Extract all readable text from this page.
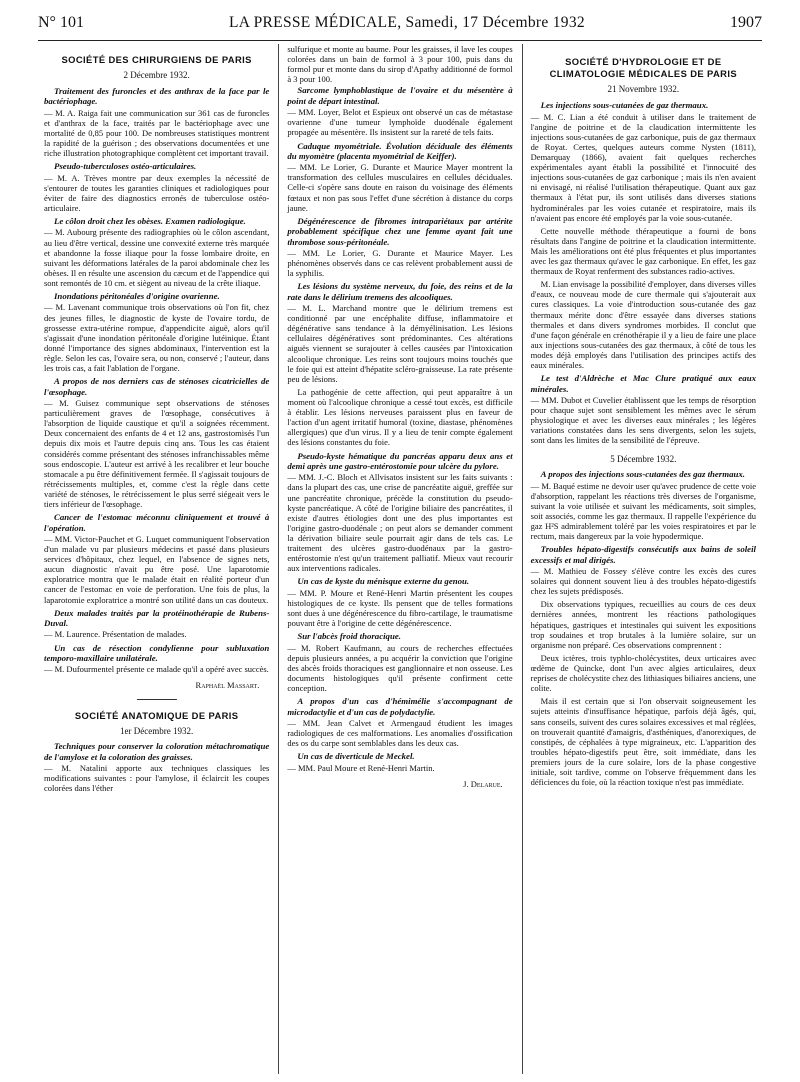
N° 101	LA PRESSE MÉDICALE, Samedi, 17 Décembre 1932	1907
SOCIÉTÉ DES CHIRURGIENS DE PARIS
2 Décembre 1932.

Traitement des furoncles et des anthrax de la face par le bactériophage.

— M. A. Raiga fait une communication sur 361 cas de furoncles et d'anthrax de la face, traités par le bactériophage avec une mortalité de 0,85 pour 100. De nombreuses statistiques montrent la rapidité de la guérison ; des observations documentées et une riche illustration photographique complètent cet important travail.

Pseudo-tuberculoses ostéo-articulaires.

— M. A. Trèves montre par deux exemples la nécessité de s'entourer de toutes les garanties cliniques et radiologiques pour éviter de faire des diagnostics erronés de tuberculose ostéo-articulaire.

Le côlon droit chez les obèses. Examen radiologique.

— M. Aubourg présente des radiographies où le côlon ascendant, au lieu d'être vertical, dessine une convexité externe très marquée et abandonne la fosse iliaque pour la fosse lombaire droite, en suivant les déformations latérales de la paroi abdominale chez les obèses. Il en résulte une ascension du cæcum et de l'appendice qui sont remontés de 10 cm. et siègent au niveau de la crête iliaque.

Inondations péritonéales d'origine ovarienne.

— M. Lavenant communique trois observations où l'on fit, chez des jeunes filles, le diagnostic de kyste de l'ovaire tordu, de grossesse extra-utérine rompue, d'appendicite aiguë, alors qu'il s'agissait d'une inondation péritonéale d'origine lutéinique. Étant donné l'importance des signes abdominaux, l'intervention est la règle. Selon les cas, l'ovaire sera, ou non, conservé ; l'auteur, dans les trois cas, a fait l'ablation de l'organe.

A propos de nos derniers cas de sténoses cicatricielles de l'œsophage.

— M. Guisez communique sept observations de sténoses particulièrement graves de l'œsophage, consécutives à l'absorption de liquide caustique et qu'il a soignées récemment. Deux concernaient des enfants de 4 et 12 ans, gastrostomisés l'un depuis dix mois et l'autre depuis cinq ans. Tous les cas étaient considérés comme présentant des sténoses infranchissables même sous endoscopie. L'auteur est arrivé à les recalibrer et leur bouche stomacale a pu être définitivement fermée. Il s'agissait toujours de rétrécissements multiples, et, comme c'est la règle dans cette variété de sténoses, le rétrécissement le plus serré siégeait vers le tiers inférieur de l'œsophage.

Cancer de l'estomac méconnu cliniquement et trouvé à l'opération.

— MM. Victor-Pauchet et G. Luquet communiquent l'observation d'un malade vu par plusieurs médecins et passé dans plusieurs services d'hôpitaux, chez lequel, en l'absence de signes nets, aucun diagnostic n'avait pu être posé. Une laparotomie exploratrice montra que le malade était en réalité porteur d'un cancer de l'estomac en voie de perforation. Une fois de plus, la laparotomie exploratrice a montré son utilité dans un cas douteux.

Deux malades traités par la protéinothérapie de Rubens-Duval.

— M. Laurence. Présentation de malades.

Un cas de résection condylienne pour subluxation temporo-maxillaire unilatérale.

— M. Dufourmentel présente ce malade qu'il a opéré avec succès.

Raphaël Massart.
SOCIÉTÉ ANATOMIQUE DE PARIS
1er Décembre 1932.

Techniques pour conserver la coloration métachromatique de l'amylose et la coloration des graisses.

— M. Natalini apporte aux techniques classiques les modifications suivantes : pour l'amylose, il éclaircit les coupes colorées dans l'éther

sulfurique et monte au baume. Pour les graisses, il lave les coupes colorées dans un bain de formol à 3 pour 100, puis dans du formol pur et monte dans du sirop d'Apathy additionné de formol à 3 pour 100.

Sarcome lymphoblastique de l'ovaire et du mésentère à point de départ intestinal.

— MM. Loyer, Belot et Espieux ont observé un cas de métastase ovarienne d'une tumeur lymphoïde duodénale également propagée au mésentère. Ils insistent sur la rareté de tels faits.

Caduque myométriale. Évolution déciduale des éléments du myomètre (placenta myométrial de Keiffer).

— MM. Le Lorier, G. Durante et Maurice Mayer montrent la transformation des cellules musculaires en cellules déciduales. Celle-ci s'opère sans doute en raison du voisinage des éléments fœtaux et non pas sous l'effet d'une sécrétion à distance du corps jaune.

Dégénérescence de fibromes intrapariétaux par artérite probablement spécifique chez une femme ayant fait une thrombose sous-péritonéale.

— MM. Le Lorier, G. Durante et Maurice Mayer. Les phénomènes observés dans ce cas relèvent probablement aussi de la syphilis.

Les lésions du système nerveux, du foie, des reins et de la rate dans le délirium tremens des alcooliques.

— M. L. Marchand montre que le délirium tremens est conditionné par une encéphalite diffuse, inflammatoire et dégénérative sans tendance à la démyélinisation. Les lésions cellulaires dégénératives sont prédominantes. Ces altérations aiguës viennent se surajouter à celles causées par l'intoxication alcoolique chronique. Les reins sont toujours moins touchés que le foie qui est atteint d'hépatite scléro-graisseuse. La rate présente peu de lésions.

La pathogénie de cette affection, qui peut apparaître à un moment où l'alcoolique chronique a cessé tout excès, est difficile à établir. Les lésions nerveuses paraissent plus en faveur de l'action d'un agent irritatif humoral (toxine, diastase, phénomènes allergiques) que d'un virus. Il y a lieu de tenir compte également des lésions constantes du foie.

Pseudo-kyste hématique du pancréas apparu deux ans et demi après une gastro-entérostomie pour ulcère du pylore.

— MM. J.-C. Bloch et Allvisatos insistent sur les faits suivants : dans la plupart des cas, une crise de pancréatite aiguë, greffée sur une pancréatite chronique, précède la constitution du pseudo-kyste pancréatique. A côté de l'origine biliaire des pancréatites, il existe d'autres étiologies dont une des plus importantes est l'origine gastro-duodénale ; on peut alors se demander comment la dérivation biliaire seule pourrait agir dans de tels cas. Le traitement des ulcères gastro-duodénaux par la gastro-entérostomie n'est qu'un traitement palliatif. Mieux vaut recourir aux interventions radicales.

Un cas de kyste du ménisque externe du genou.

— MM. P. Moure et René-Henri Martin présentent les coupes histologiques de ce kyste. Ils pensent que de telles formations sont dues à une dégénérescence du fibro-cartilage, le traumatisme pouvant être à l'origine de cette dégénérescence.

Sur l'abcès froid thoracique.

— M. Robert Kaufmann, au cours de recherches effectuées depuis plusieurs années, a pu acquérir la conviction que l'origine des abcès froids thoraciques est ganglionnaire et non osseuse. Les documents histologiques qu'il présente confirment cette conception.

A propos d'un cas d'hémimélie s'accompagnant de microdactylie et d'un cas de polydactylie.

— MM. Jean Calvet et Armengaud étudient les images radiologiques de ces malformations. Les anomalies d'ossification des os du carpe sont semblables dans les deux cas.

Un cas de diverticule de Meckel.

— MM. Paul Moure et René-Henri Martin.

J. Delarue.
SOCIÉTÉ D'HYDROLOGIE ET DE CLIMATOLOGIE MÉDICALES DE PARIS
21 Novembre 1932.

Les injections sous-cutanées de gaz thermaux.

— M. C. Lian a été conduit à utiliser dans le traitement de l'angine de poitrine et de la claudication intermittente les injections sous-cutanées de gaz carbonique, puis de gaz thermaux de Royat. Certes, quelques auteurs comme Nysten (1811), Demarquay (1866), avaient fait quelques recherches expérimentales ayant établi la possibilité et l'innocuité des injections sous-cutanées de gaz carbonique ; mais ils n'en avaient ni envisagé, ni réalisé l'utilisation thérapeutique. Quant aux gaz thermaux à l'état pur, ils sont utilisés dans diverses stations hydrominérales par les voies cutanée et respiratoire, mais ils n'avaient pas encore été employés par la voie sous-cutanée.

Cette nouvelle méthode thérapeutique a fourni de bons résultats dans l'angine de poitrine et la claudication intermittente. Mais les améliorations ont été plus fréquentes et plus importantes avec les gaz thermaux qu'avec le gaz carbonique. En effet, les gaz thermaux de Royat renferment des substances radio-actives.

M. Lian envisage la possibilité d'employer, dans diverses villes d'eaux, ce nouveau mode de cure thermale qui s'ajouterait aux cures classiques. La voie d'introduction sous-cutanée des gaz thermaux mérite donc d'être essayée dans diverses stations thermales et dans divers syndromes morbides. Il conclut que d'une façon générale en crénothérapie il y a lieu de faire une place aux injections sous-cutanées des gaz thermaux, à côté de tous les modes déjà employés dans l'utilisation des principes actifs des eaux minérales.

Le test d'Aldrèche et Mac Clure pratiqué aux eaux minérales.

— MM. Dubot et Cuvelier établissent que les temps de résorption pour chaque sujet sont sensiblement les mêmes avec le sérum physiologique et avec les diverses eaux minérales ; les légères variations constatées dans les sens divergents, selon les sujets, sont dans les limites de la sensibilité de l'épreuve.

5 Décembre 1932.

A propos des injections sous-cutanées des gaz thermaux.

— M. Baqué estime ne devoir user qu'avec prudence de cette voie d'absorption, rappelant les réactions très diverses de l'organisme, suivant la voie utilisée et suivant les médicaments, soit simples, soit associés, comme les gaz thermaux. Il rappelle l'expérience du gaz H²S admirablement toléré par les voies respiratoires et par le rectum, mais dangereux par la voie hypodermique.

Troubles hépato-digestifs consécutifs aux bains de soleil excessifs et mal dirigés.

— M. Mathieu de Fossey s'élève contre les excès des cures solaires qui donnent souvent lieu à des troubles hépato-digestifs chez les sujets prédisposés.

Dix observations typiques, recueillies au cours de ces deux dernières années, montrent les réactions pathologiques hépatiques, gastriques et intestinales qui suivent les expositions trop soudaines et trop brutales à la lumière solaire, sur un organisme non préparé. Ces observations comprennent :

Deux ictères, trois typhlo-cholécystites, deux urticaires avec œdème de Quincke, dont l'un avec algies articulaires, deux reprises de cholécystite chez des lithiasiques biliaires anciens, une colite.

Mais il est certain que si l'on observait soigneusement les sujets atteints d'insuffisance hépatique, parfois déjà âgés, qui, sans conseils, suivent des cures solaires excessives et mal réglées, on trouverait quantité d'amaigris, d'asthéniques, d'anorexiques, de constipés, de céphalées à type migraineux, etc. L'apparition des troubles hépato-digestifs peut être, soit immédiate, dans les premiers jours de la cure solaire, lors de la phase congestive initiale, soit tardive, comme on l'observe fréquemment dans les déficiences du foie, où la réaction toxique n'est pas immédiate.
